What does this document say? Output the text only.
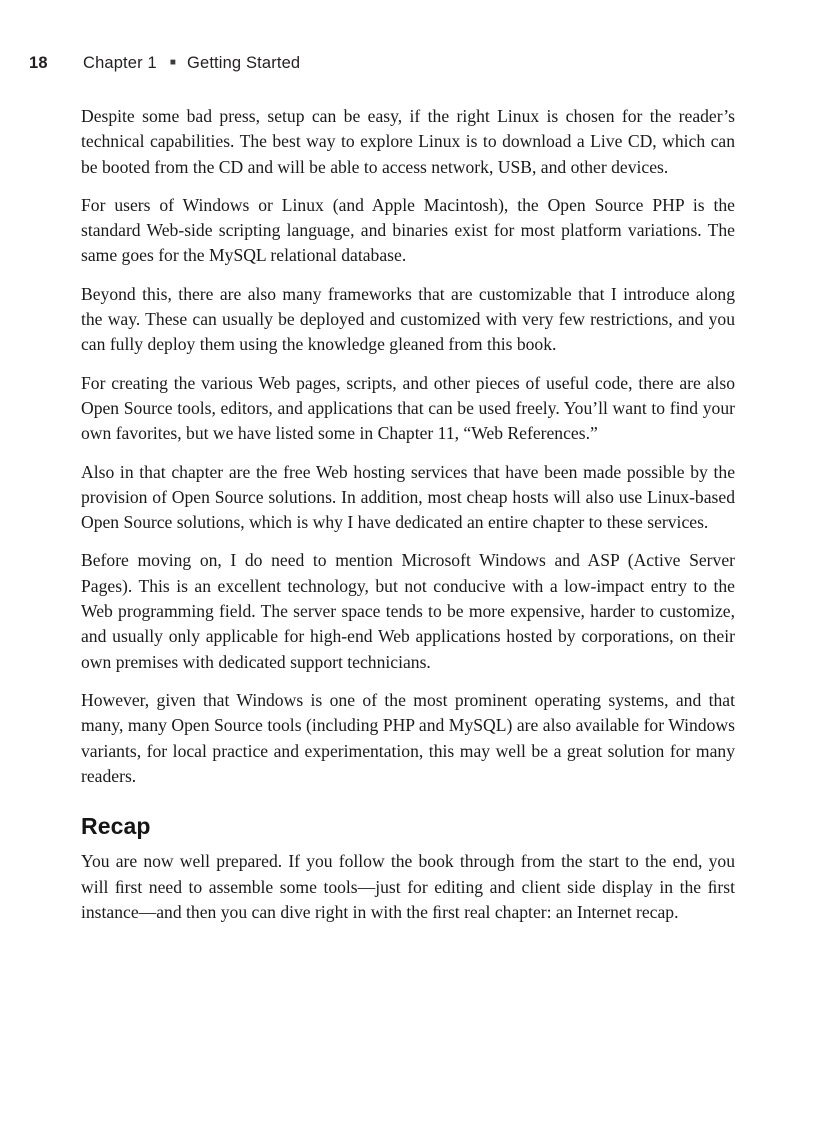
18	Chapter 1 ■ Getting Started

Despite some bad press, setup can be easy, if the right Linux is chosen for the reader’s technical capabilities. The best way to explore Linux is to download a Live CD, which can be booted from the CD and will be able to access network, USB, and other devices.

For users of Windows or Linux (and Apple Macintosh), the Open Source PHP is the standard Web-side scripting language, and binaries exist for most platform variations. The same goes for the MySQL relational database.

Beyond this, there are also many frameworks that are customizable that I introduce along the way. These can usually be deployed and customized with very few restrictions, and you can fully deploy them using the knowledge gleaned from this book.

For creating the various Web pages, scripts, and other pieces of useful code, there are also Open Source tools, editors, and applications that can be used freely. You’ll want to find your own favorites, but we have listed some in Chapter 11, “Web References.”

Also in that chapter are the free Web hosting services that have been made possible by the provision of Open Source solutions. In addition, most cheap hosts will also use Linux-based Open Source solutions, which is why I have dedicated an entire chapter to these services.

Before moving on, I do need to mention Microsoft Windows and ASP (Active Server Pages). This is an excellent technology, but not conducive with a low-impact entry to the Web programming field. The server space tends to be more expensive, harder to customize, and usually only applicable for high-end Web applications hosted by corporations, on their own premises with dedicated support technicians.

However, given that Windows is one of the most prominent operating systems, and that many, many Open Source tools (including PHP and MySQL) are also available for Windows variants, for local practice and experimentation, this may well be a great solution for many readers.

Recap

You are now well prepared. If you follow the book through from the start to the end, you will ﬁrst need to assemble some tools—just for editing and client side display in the ﬁrst instance—and then you can dive right in with the ﬁrst real chapter: an Internet recap.
